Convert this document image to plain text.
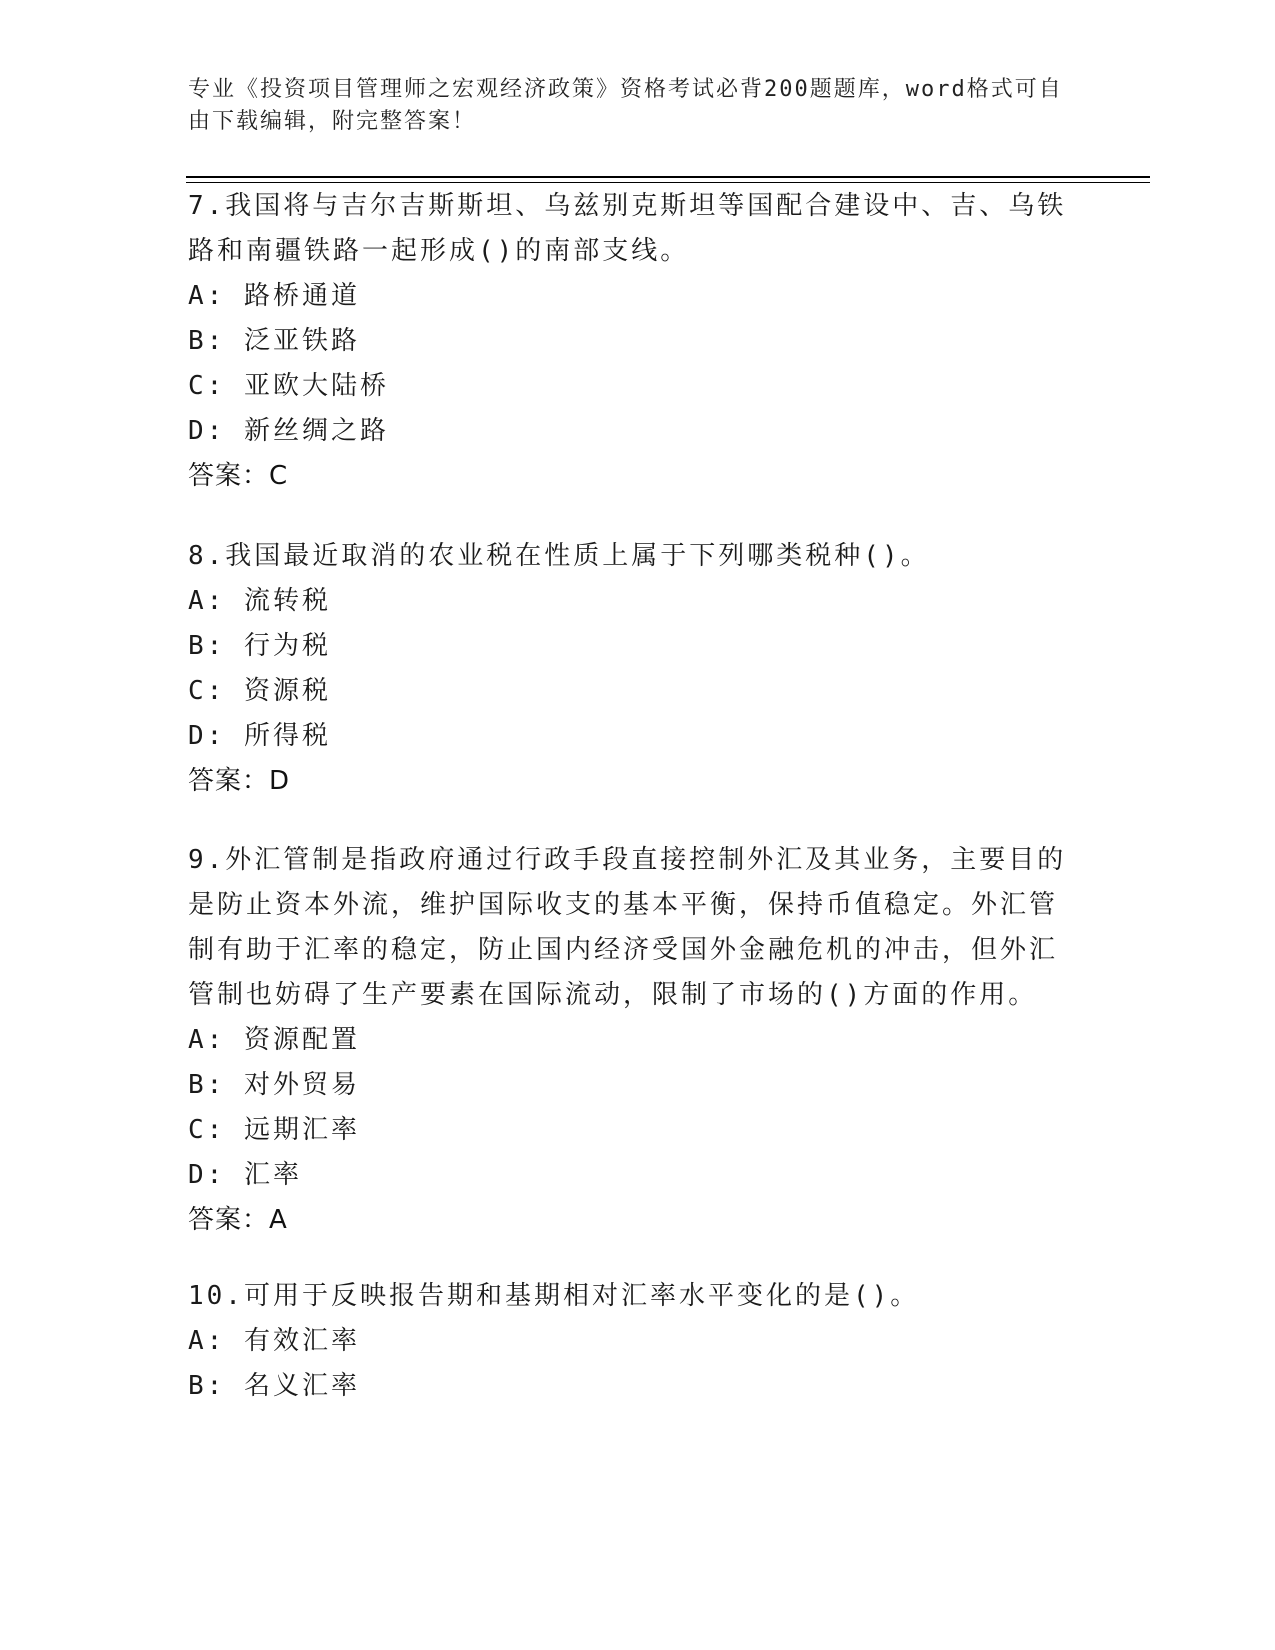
专业《投资项目管理师之宏观经济政策》资格考试必背200题题库，word格式可自由下载编辑，附完整答案！

7.我国将与吉尔吉斯斯坦、乌兹别克斯坦等国配合建设中、吉、乌铁路和南疆铁路一起形成()的南部支线。

A: 路桥通道

B: 泛亚铁路

C: 亚欧大陆桥

D: 新丝绸之路

答案：C

8.我国最近取消的农业税在性质上属于下列哪类税种()。

A: 流转税

B: 行为税

C: 资源税

D: 所得税

答案：D

9.外汇管制是指政府通过行政手段直接控制外汇及其业务，主要目的是防止资本外流，维护国际收支的基本平衡，保持币值稳定。外汇管制有助于汇率的稳定，防止国内经济受国外金融危机的冲击，但外汇管制也妨碍了生产要素在国际流动，限制了市场的()方面的作用。

A: 资源配置

B: 对外贸易

C: 远期汇率

D: 汇率

答案：A

10.可用于反映报告期和基期相对汇率水平变化的是()。

A: 有效汇率

B: 名义汇率
